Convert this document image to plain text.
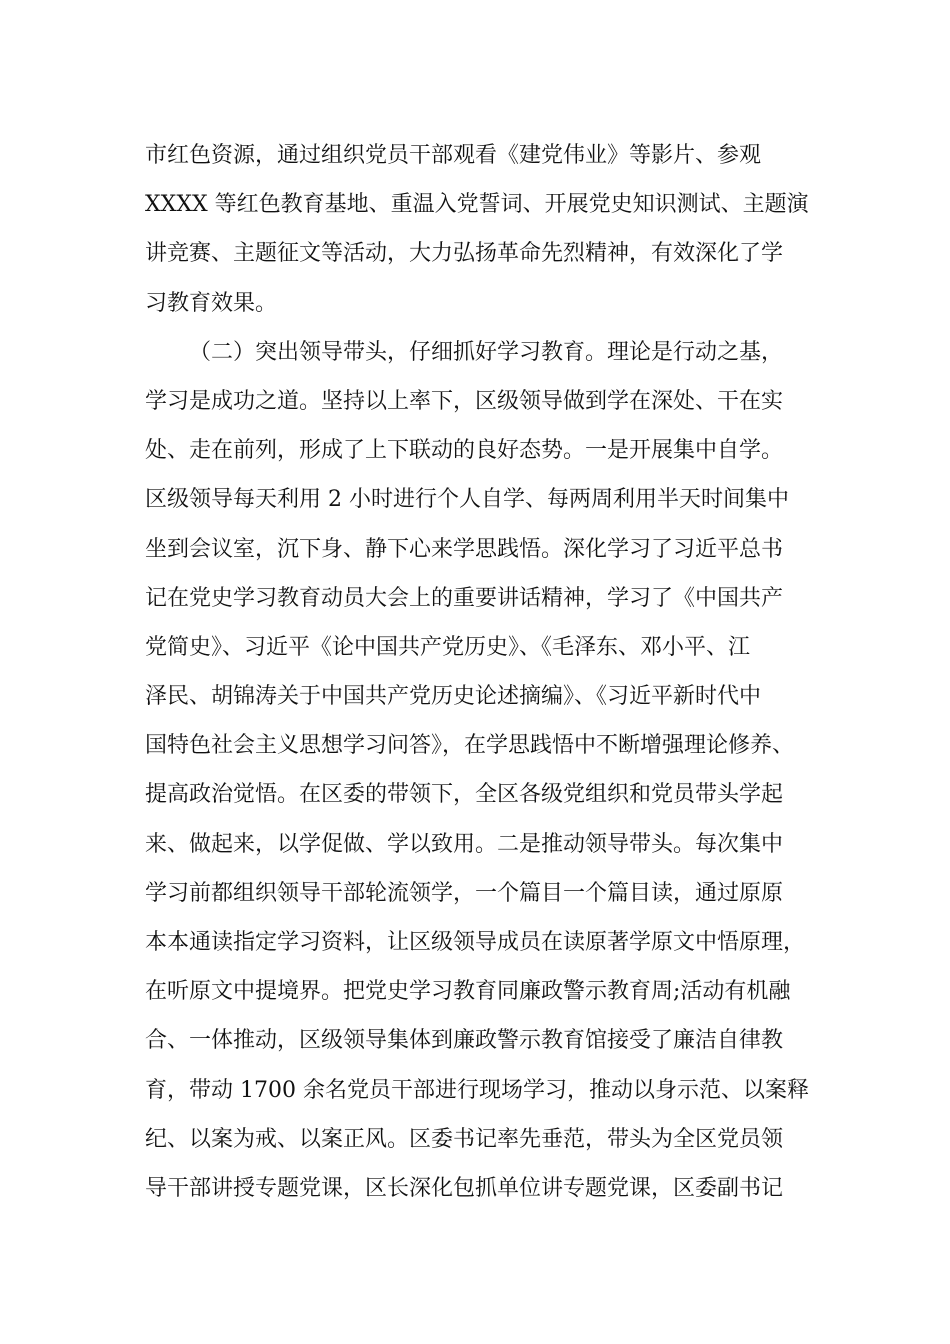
市红色资源，通过组织党员干部观看《建党伟业》等影片、参观
XXXX 等红色教育基地、重温入党誓词、开展党史知识测试、主题演
讲竞赛、主题征文等活动，大力弘扬革命先烈精神，有效深化了学
习教育效果。
（二）突出领导带头，仔细抓好学习教育。理论是行动之基，
学习是成功之道。坚持以上率下，区级领导做到学在深处、干在实
处、走在前列，形成了上下联动的良好态势。一是开展集中自学。
区级领导每天利用 2 小时进行个人自学、每两周利用半天时间集中
坐到会议室，沉下身、静下心来学思践悟。深化学习了习近平总书
记在党史学习教育动员大会上的重要讲话精神，学习了《中国共产
党简史》、习近平《论中国共产党历史》、《毛泽东、邓小平、江
泽民、胡锦涛关于中国共产党历史论述摘编》、《习近平新时代中
国特色社会主义思想学习问答》，在学思践悟中不断增强理论修养、
提高政治觉悟。在区委的带领下，全区各级党组织和党员带头学起
来、做起来，以学促做、学以致用。二是推动领导带头。每次集中
学习前都组织领导干部轮流领学，一个篇目一个篇目读，通过原原
本本通读指定学习资料，让区级领导成员在读原著学原文中悟原理，
在听原文中提境界。把党史学习教育同廉政警示教育周;活动有机融
合、一体推动，区级领导集体到廉政警示教育馆接受了廉洁自律教
育，带动 1700 余名党员干部进行现场学习，推动以身示范、以案释
纪、以案为戒、以案正风。区委书记率先垂范，带头为全区党员领
导干部讲授专题党课，区长深化包抓单位讲专题党课，区委副书记
